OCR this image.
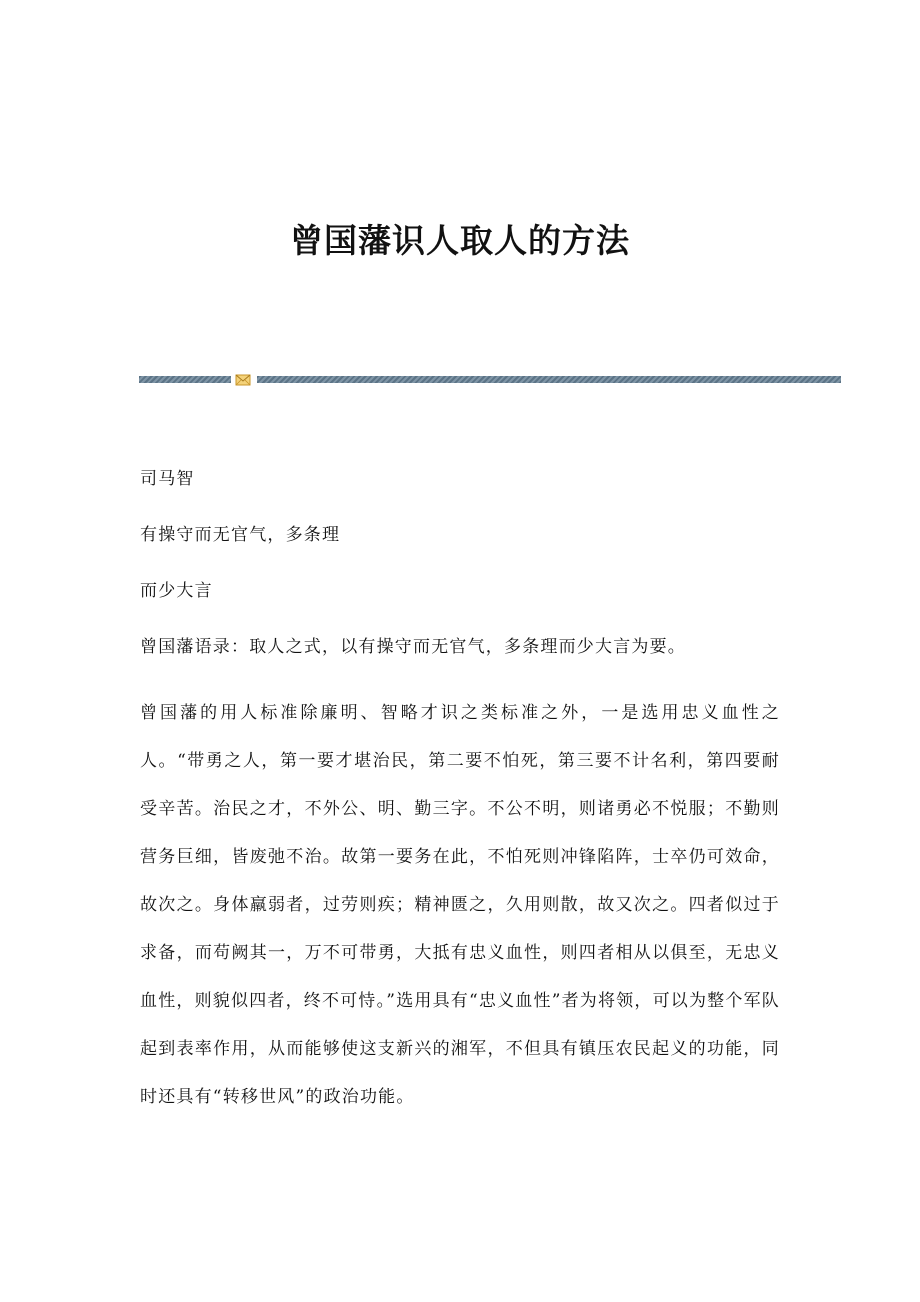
曾国藩识人取人的方法
司马智
有操守而无官气，多条理
而少大言
曾国藩语录：取人之式，以有操守而无官气，多条理而少大言为要。

曾国藩的用人标准除廉明、智略才识之类标准之外，一是选用忠义血性之人。“带勇之人，第一要才堪治民，第二要不怕死，第三要不计名利，第四要耐受辛苦。治民之才，不外公、明、勤三字。不公不明，则诸勇必不悦服；不勤则营务巨细，皆废弛不治。故第一要务在此，不怕死则冲锋陷阵，士卒仍可效命，故次之。身体羸弱者，过劳则疾；精神匮之，久用则散，故又次之。四者似过于求备，而苟阙其一，万不可带勇，大抵有忠义血性，则四者相从以俱至，无忠义血性，则貌似四者，终不可恃。”选用具有“忠义血性”者为将领，可以为整个军队起到表率作用，从而能够使这支新兴的湘军，不但具有镇压农民起义的功能，同时还具有“转移世风”的政治功能。
